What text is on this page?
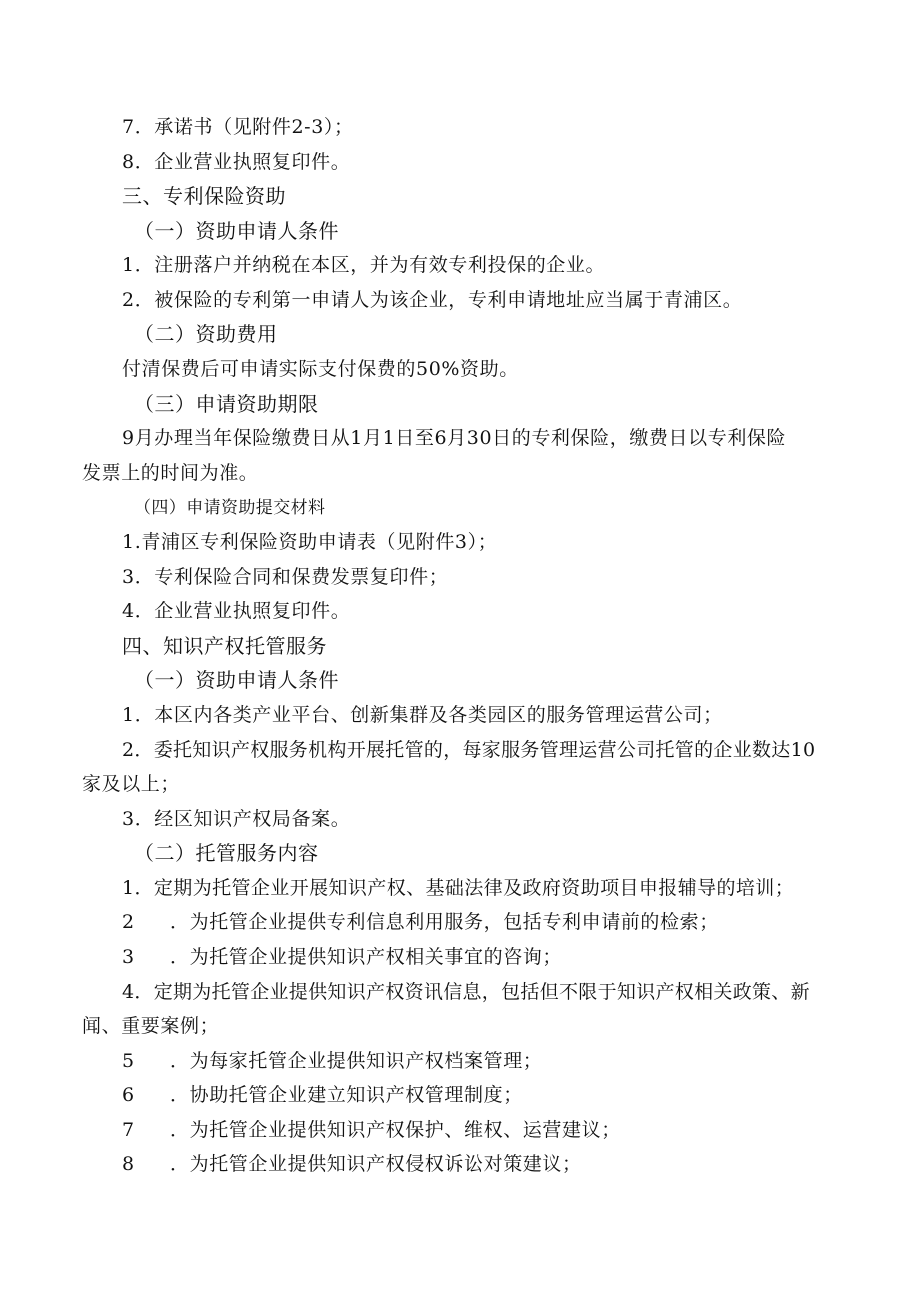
7．承诺书（见附件2-3）；

8．企业营业执照复印件。

三、专利保险资助

（一）资助申请人条件

1．注册落户并纳税在本区，并为有效专利投保的企业。

2．被保险的专利第一申请人为该企业，专利申请地址应当属于青浦区。

（二）资助费用

付清保费后可申请实际支付保费的50%资助。

（三）申请资助期限

9月办理当年保险缴费日从1月1日至6月30日的专利保险，缴费日以专利保险

发票上的时间为准。

（四）申请资助提交材料

1.青浦区专利保险资助申请表（见附件3）；

3．专利保险合同和保费发票复印件；

4．企业营业执照复印件。

四、知识产权托管服务

（一）资助申请人条件

1．本区内各类产业平台、创新集群及各类园区的服务管理运营公司；

2．委托知识产权服务机构开展托管的，每家服务管理运营公司托管的企业数达10

家及以上；

3．经区知识产权局备案。

（二）托管服务内容

1．定期为托管企业开展知识产权、基础法律及政府资助项目申报辅导的培训；

2 ．为托管企业提供专利信息利用服务，包括专利申请前的检索；

3 ．为托管企业提供知识产权相关事宜的咨询；

4．定期为托管企业提供知识产权资讯信息，包括但不限于知识产权相关政策、新

闻、重要案例；

5 ．为每家托管企业提供知识产权档案管理；

6 ．协助托管企业建立知识产权管理制度；

7 ．为托管企业提供知识产权保护、维权、运营建议；

8 ．为托管企业提供知识产权侵权诉讼对策建议；
